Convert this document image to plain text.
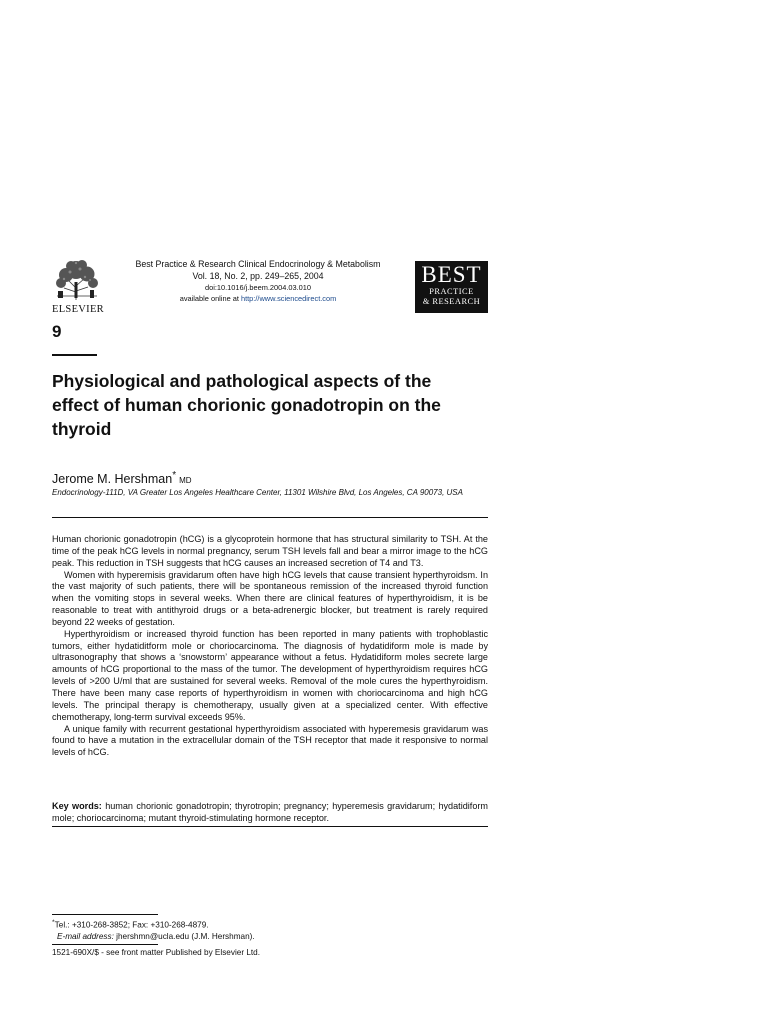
ELSEVIER
Best Practice & Research Clinical Endocrinology & Metabolism
Vol. 18, No. 2, pp. 249–265, 2004
doi:10.1016/j.beem.2004.03.010
available online at http://www.sciencedirect.com
BEST
PRACTICE
& RESEARCH
9
Physiological and pathological aspects of the effect of human chorionic gonadotropin on the thyroid
Jerome M. Hershman* MD
Endocrinology-111D, VA Greater Los Angeles Healthcare Center, 11301 Wilshire Blvd, Los Angeles, CA 90073, USA

Human chorionic gonadotropin (hCG) is a glycoprotein hormone that has structural similarity to TSH. At the time of the peak hCG levels in normal pregnancy, serum TSH levels fall and bear a mirror image to the hCG peak. This reduction in TSH suggests that hCG causes an increased secretion of T4 and T3.

Women with hyperemisis gravidarum often have high hCG levels that cause transient hyperthyroidsm. In the vast majority of such patients, there will be spontaneous remission of the increased thyroid function when the vomiting stops in several weeks. When there are clinical features of hyperthyroidism, it is be reasonable to treat with antithyroid drugs or a beta-adrenergic blocker, but treatment is rarely required beyond 22 weeks of gestation.

Hyperthyroidism or increased thyroid function has been reported in many patients with trophoblastic tumors, either hydatiditform mole or choriocarcinoma. The diagnosis of hydatidiform mole is made by ultrasonography that shows a ‘snowstorm’ appearance without a fetus. Hydatidiform moles secrete large amounts of hCG proportional to the mass of the tumor. The development of hyperthyroidism requires hCG levels of >200 U/ml that are sustained for several weeks. Removal of the mole cures the hyperthyroidism. There have been many case reports of hyperthyroidism in women with choriocarcinoma and high hCG levels. The principal therapy is chemotherapy, usually given at a specialized center. With effective chemotherapy, long-term survival exceeds 95%.

A unique family with recurrent gestational hyperthyroidism associated with hyperemesis gravidarum was found to have a mutation in the extracellular domain of the TSH receptor that made it responsive to normal levels of hCG.

Key words: human chorionic gonadotropin; thyrotropin; pregnancy; hyperemesis gravidarum; hydatidiform mole; choriocarcinoma; mutant thyroid-stimulating hormone receptor.
*Tel.: +310-268-3852; Fax: +310-268-4879.
E-mail address: jhershmn@ucla.edu (J.M. Hershman).
1521-690X/$ - see front matter Published by Elsevier Ltd.
